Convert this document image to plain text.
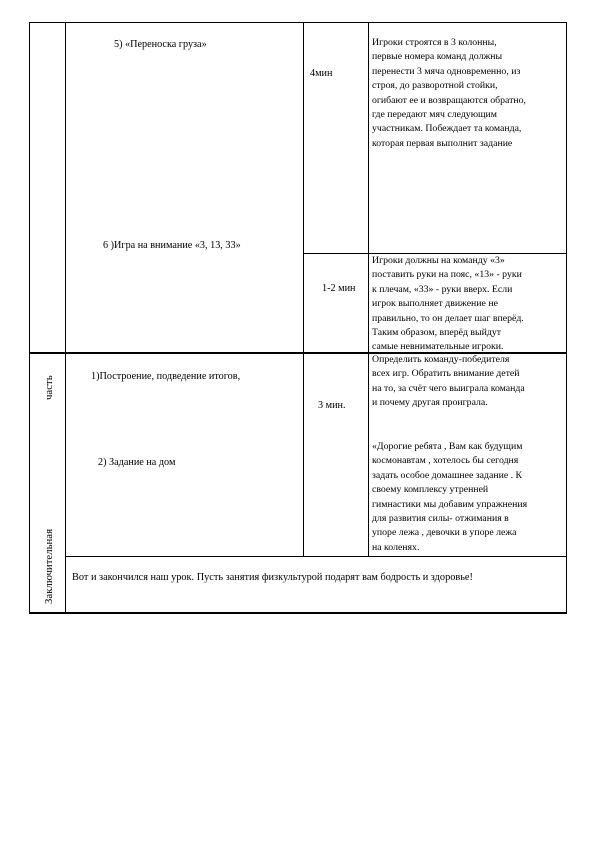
Заключительная
часть
5) «Переноска груза»
4мин
Игроки строятся в 3 колонны,
первые номера команд должны
перенести 3 мяча одновременно, из
строя, до разворотной стойки,
огибают ее и возвращаются обратно,
где передают мяч следующим
участникам. Побеждает та команда,
которая первая выполнит задание
6 )Игра на внимание «3, 13, 33»
1-2 мин
Игроки должны на команду «3»
поставить руки на пояс, «13» - руки
к плечам, «33» - руки вверх. Если
игрок выполняет движение не
правильно, то он делает шаг вперёд.
Таким образом, вперёд выйдут
самые невнимательные игроки.
1)Построение, подведение итогов,
2) Задание на дом
3 мин.
Определить команду-победителя
всех игр. Обратить внимание детей
на то, за счёт чего выиграла команда
и почему другая проиграла.
«Дорогие ребята , Вам как будущим
космонавтам , хотелось бы сегодня
задать особое домашнее задание . К
своему комплексу утренней
гимнастики мы добавим упражнения
для развития силы- отжимания в
упоре лежа , девочки в упоре лежа
на коленях.
Вот и закончился наш урок. Пусть занятия физкультурой подарят вам бодрость и здоровье!
